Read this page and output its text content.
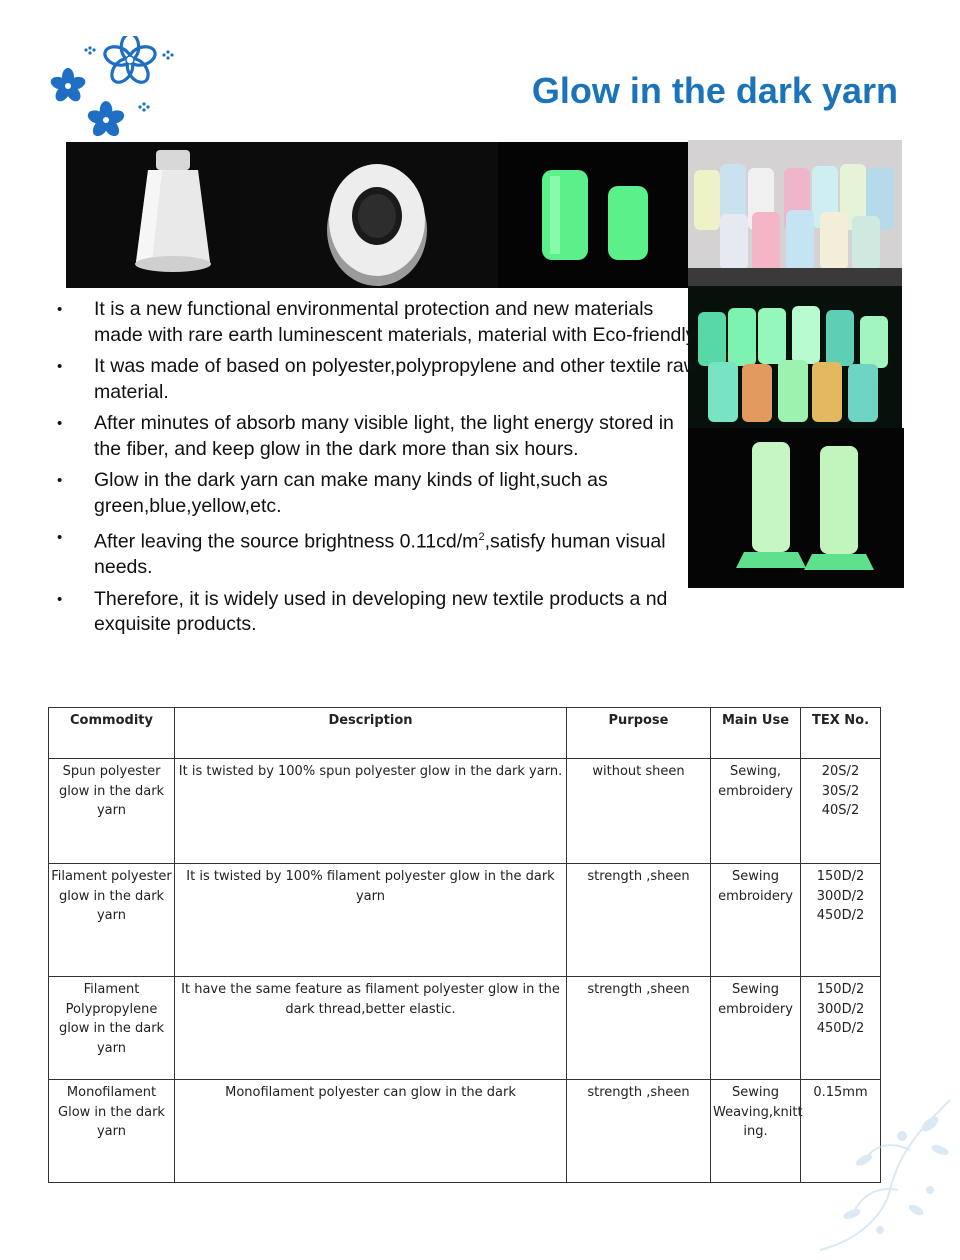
Glow in the dark yarn
• It is a new functional environmental protection and new materials made with rare earth luminescent materials, material with Eco-friendly.
• It was made of based on polyester,polypropylene and other textile raw material.
• After minutes of absorb many visible light, the light energy stored in the fiber, and keep glow in the dark more than six hours.
• Glow in the dark yarn can make many kinds of light,such as green,blue,yellow,etc.
• After leaving the source brightness $0.11cd/m^2,satisfy$ human visual needs.
• Therefore, it is widely used in developing new textile products a nd exquisite products.
Commodity	Description	Purpose	Main Use	TEX No.
Spun polyester glow in the dark yarn	It is twisted by 100% spun polyester glow in the dark yarn.	without sheen	Sewing, embroidery	20S/2
30S/2
40S/2

Filament polyester glow in the dark yarn	It is twisted by 100% filament polyester glow in the dark yarn	strength ,sheen	Sewing embroidery	150D/2
300D/2
450D/2

Filament Polypropylene glow in the dark yarn	It have the same feature as filament polyester glow in the dark thread,better elastic.	strength ,sheen	Sewing embroidery	150D/2
300D/2
450D/2

Monofilament Glow in the dark yarn	Monofilament polyester can glow in the dark	strength ,sheen	Sewing Weaving,knitt ing.	0.15mm
